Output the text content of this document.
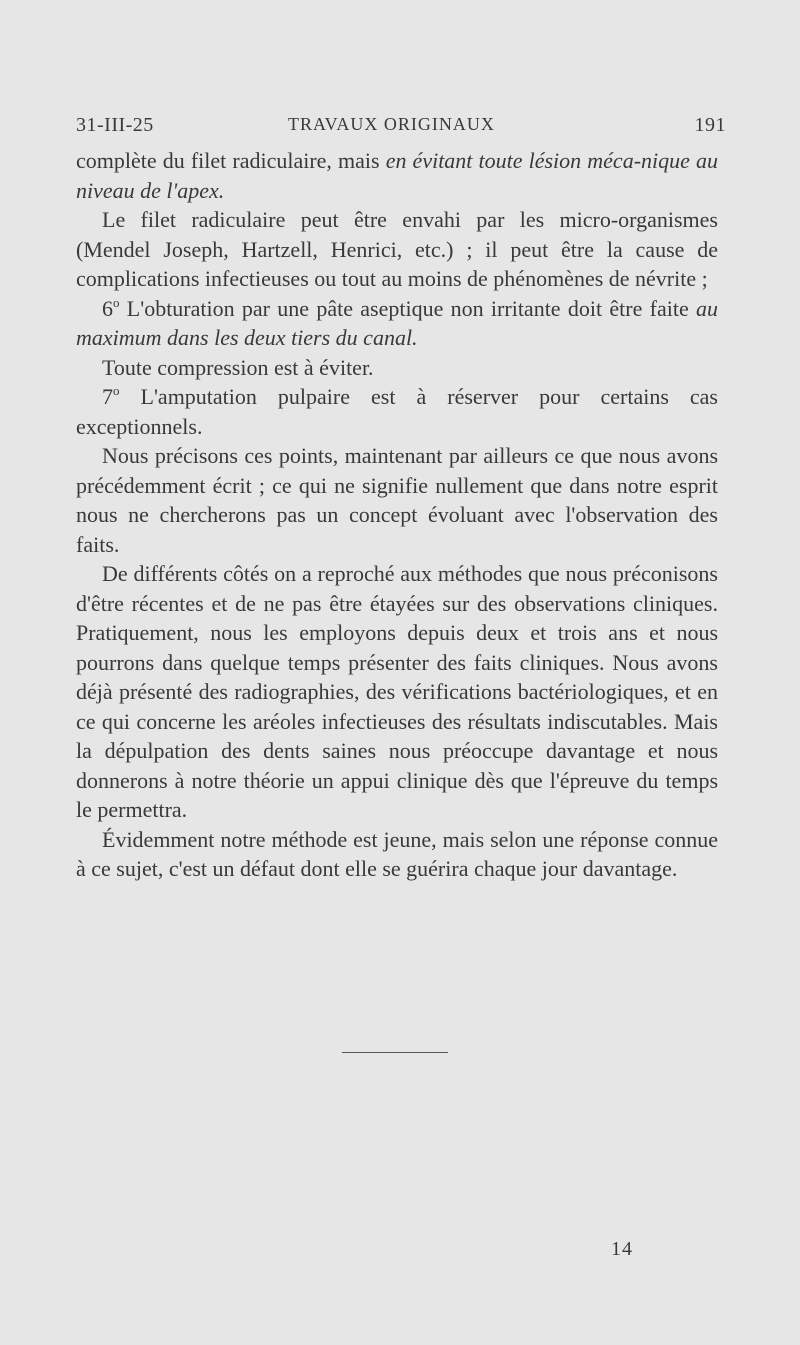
31-III-25	TRAVAUX ORIGINAUX	191

complète du filet radiculaire, mais en évitant toute lésion méca-nique au niveau de l'apex.

Le filet radiculaire peut être envahi par les micro-organismes (Mendel Joseph, Hartzell, Henrici, etc.) ; il peut être la cause de complications infectieuses ou tout au moins de phénomènes de névrite ;

6$^o$ L'obturation par une pâte aseptique non irritante doit être faite au maximum dans les deux tiers du canal.

Toute compression est à éviter.

7$^o$ L'amputation pulpaire est à réserver pour certains cas exceptionnels.

Nous précisons ces points, maintenant par ailleurs ce que nous avons précédemment écrit ; ce qui ne signifie nullement que dans notre esprit nous ne chercherons pas un concept évoluant avec l'observation des faits.

De différents côtés on a reproché aux méthodes que nous préconisons d'être récentes et de ne pas être étayées sur des observations cliniques. Pratiquement, nous les employons depuis deux et trois ans et nous pourrons dans quelque temps présenter des faits cliniques. Nous avons déjà présenté des radiographies, des vérifications bactériologiques, et en ce qui concerne les aréoles infectieuses des résultats indiscutables. Mais la dépulpation des dents saines nous préoccupe davantage et nous donnerons à notre théorie un appui clinique dès que l'épreuve du temps le permettra.

Évidemment notre méthode est jeune, mais selon une réponse connue à ce sujet, c'est un défaut dont elle se guérira chaque jour davantage.

14
